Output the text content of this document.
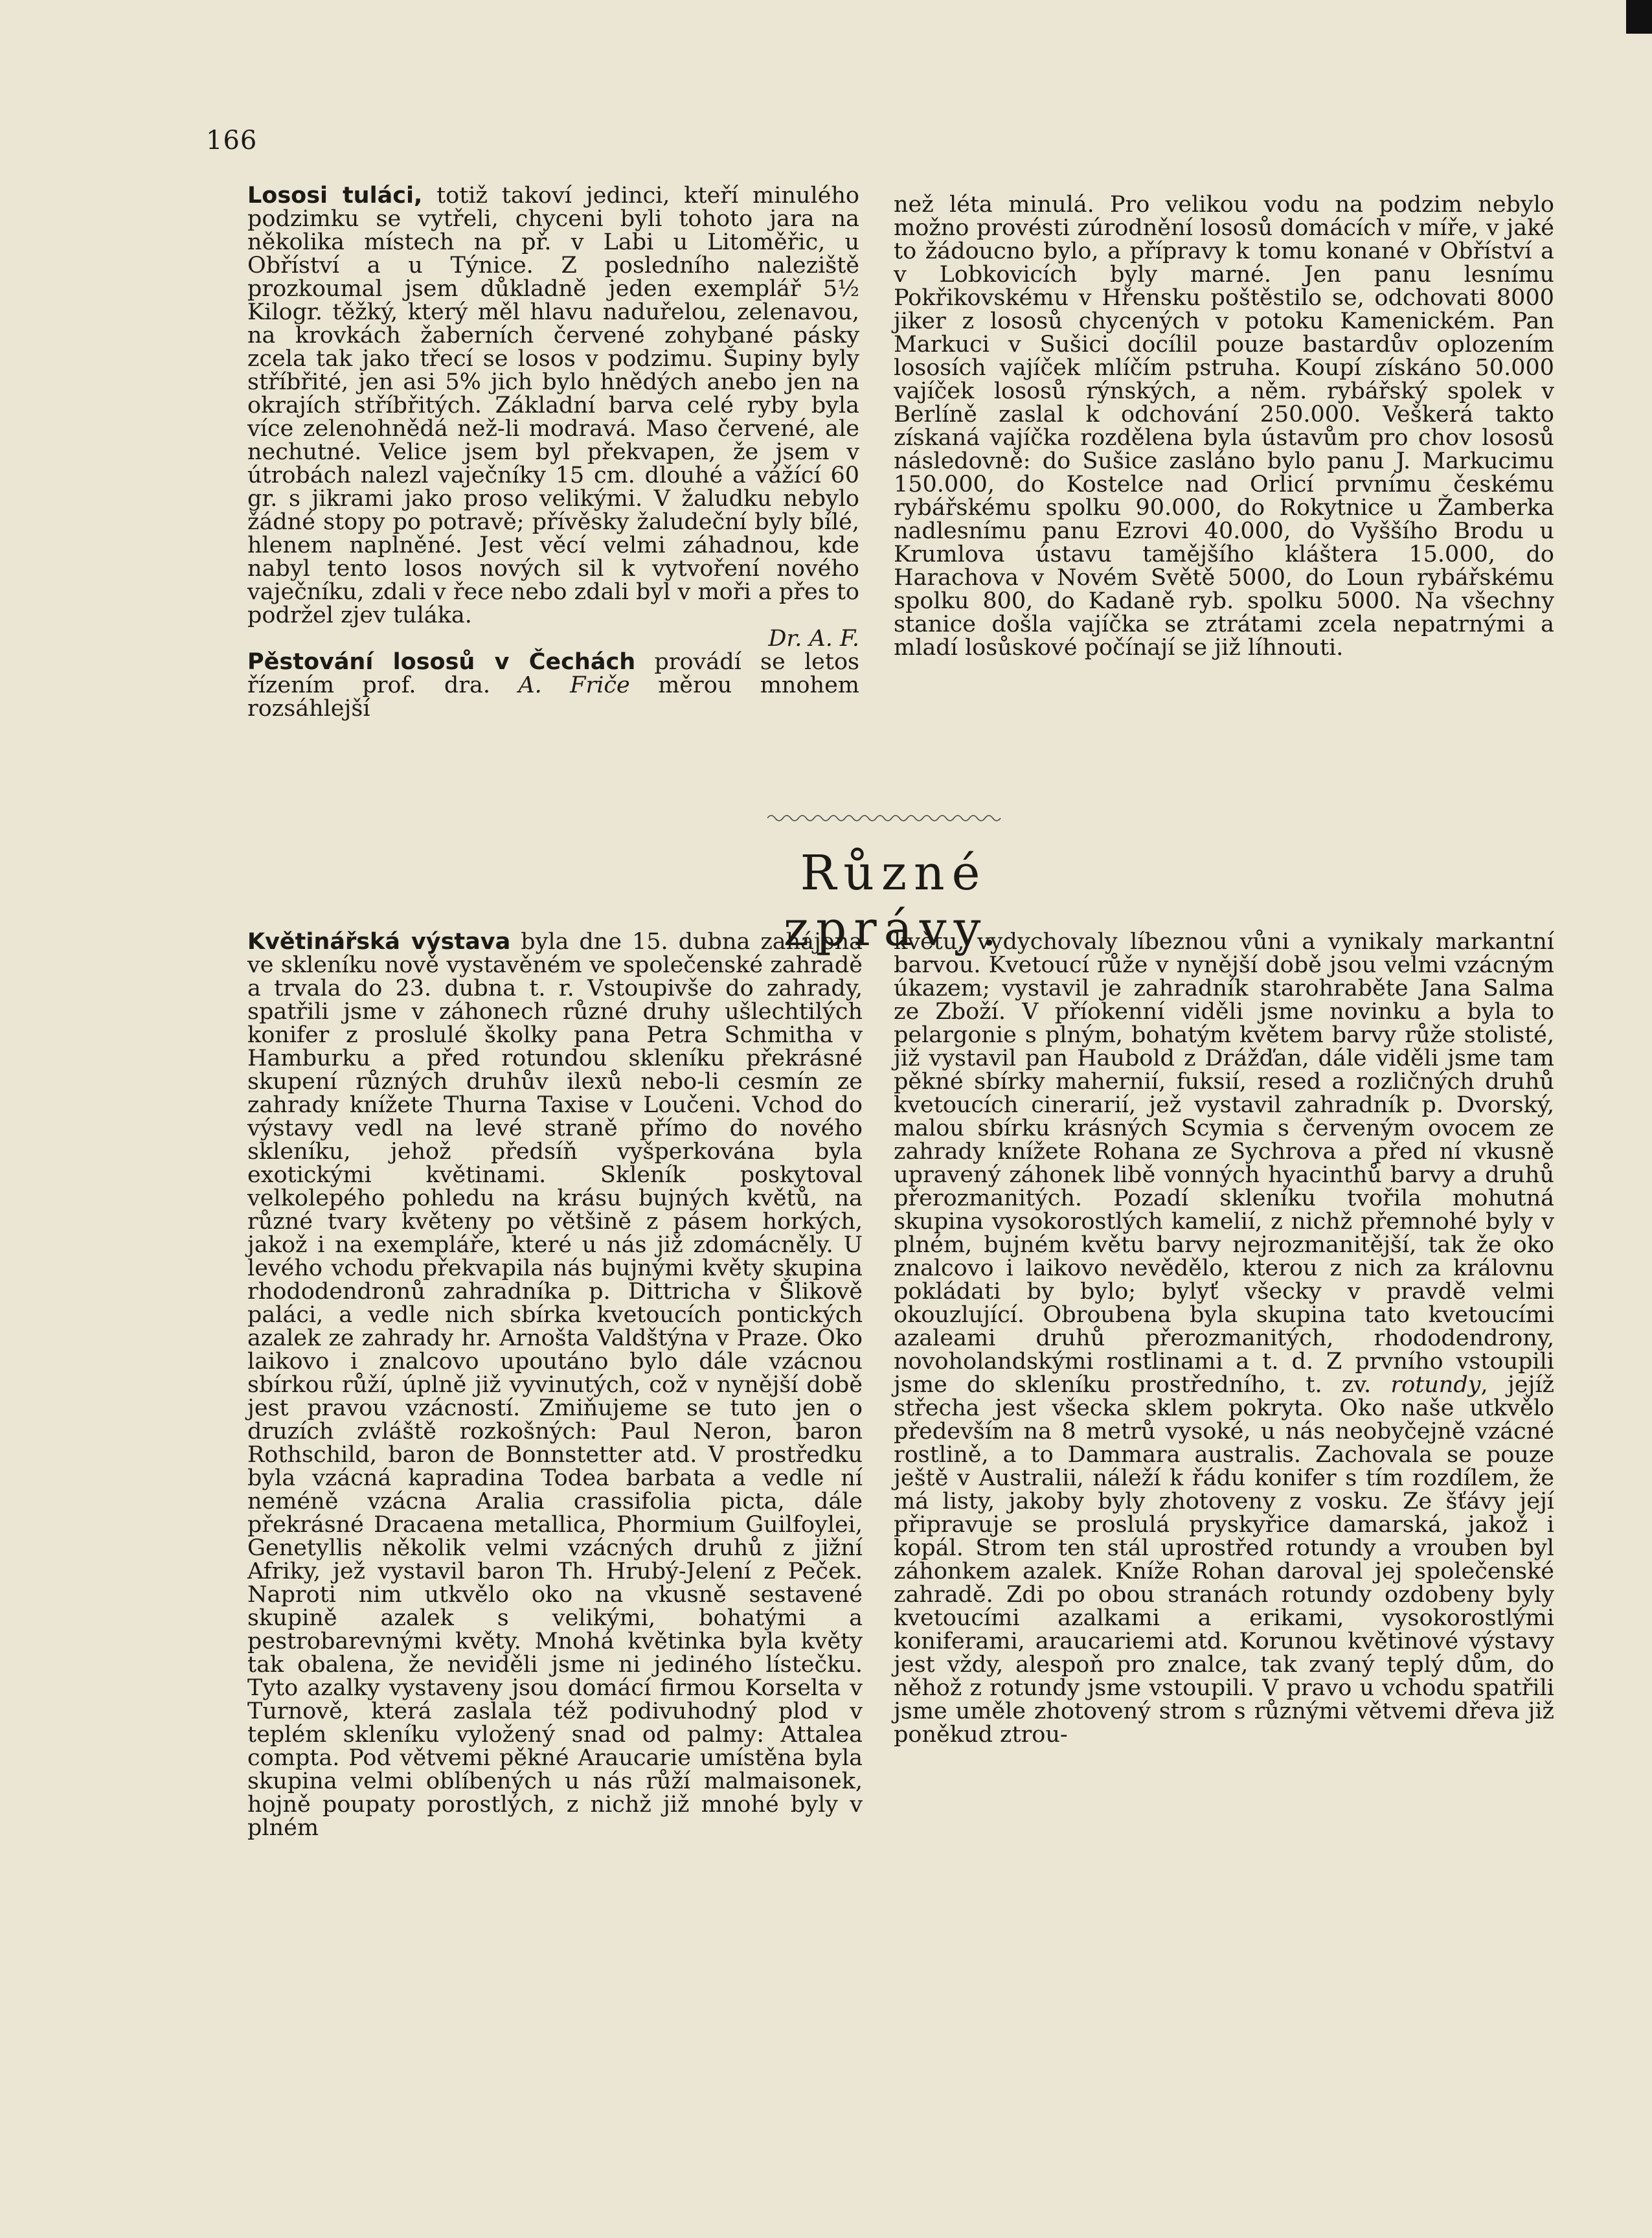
166

Lososi tuláci, totiž takoví jedinci, kteří minulého podzimku se vytřeli, chyceni byli tohoto jara na několika místech na př. v Labi u Litoměřic, u Obříství a u Týnice. Z posledního naleziště prozkoumal jsem důkladně jeden exemplář 5½ Kilogr. těžký, který měl hlavu naduřelou, zelenavou, na krovkách žaberních červené zohybané pásky zcela tak jako třecí se losos v podzimu. Šupiny byly stříbřité, jen asi 5% jich bylo hnědých anebo jen na okrajích stříbřitých. Základní barva celé ryby byla více zelenohnědá než-li modravá. Maso červené, ale nechutné. Velice jsem byl překvapen, že jsem v útrobách nalezl vaječníky 15 cm. dlouhé a vážící 60 gr. s jikrami jako proso velikými. V žaludku nebylo žádné stopy po potravě; přívěsky žaludeční byly bílé, hlenem naplněné. Jest věcí velmi záhadnou, kde nabyl tento losos nových sil k vytvoření nového vaječníku, zdali v řece nebo zdali byl v moři a přes to podržel zjev tuláka.

Dr. A. F.

Pěstování lososů v Čechách provádí se letos řízením prof. dra. A. Friče měrou mnohem rozsáhlejší

než léta minulá. Pro velikou vodu na podzim nebylo možno provésti zúrodnění lososů domácích v míře, v jaké to žádoucno bylo, a přípravy k tomu konané v Obříství a v Lobkovicích byly marné. Jen panu lesnímu Pokřikovskému v Hřensku poštěstilo se, odchovati 8000 jiker z lososů chycených v potoku Kamenickém. Pan Markuci v Sušici docílil pouze bastardův oplozením lososích vajíček mlíčím pstruha. Koupí získáno 50.000 vajíček lososů rýnských, a něm. rybářský spolek v Berlíně zaslal k odchování 250.000. Veškerá takto získaná vajíčka rozdělena byla ústavům pro chov lososů následovně: do Sušice zasláno bylo panu J. Markucimu 150.000, do Kostelce nad Orlicí prvnímu českému rybářskému spolku 90.000, do Rokytnice u Žamberka nadlesnímu panu Ezrovi 40.000, do Vyššího Brodu u Krumlova ústavu tamějšího kláštera 15.000, do Harachova v Novém Světě 5000, do Loun rybářskému spolku 800, do Kadaně ryb. spolku 5000. Na všechny stanice došla vajíčka se ztrátami zcela nepatrnými a mladí losůskové počínají se již líhnouti.

Různé zprávy.

Květinářská výstava byla dne 15. dubna zahájena ve skleníku nově vystavěném ve společenské zahradě a trvala do 23. dubna t. r. Vstoupivše do zahrady, spatřili jsme v záhonech různé druhy ušlechtilých konifer z proslulé školky pana Petra Schmitha v Hamburku a před rotundou skleníku překrásné skupení různých druhův ilexů nebo-li cesmín ze zahrady knížete Thurna Taxise v Loučeni. Vchod do výstavy vedl na levé straně přímo do nového skleníku, jehož předsíň vyšperkována byla exotickými květinami. Skleník poskytoval velkolepého pohledu na krásu bujných květů, na různé tvary květeny po většině z pásem horkých, jakož i na exempláře, které u nás již zdomácněly. U levého vchodu překvapila nás bujnými květy skupina rhododendronů zahradníka p. Dittricha v Šlikově paláci, a vedle nich sbírka kvetoucích pontických azalek ze zahrady hr. Arnošta Valdštýna v Praze. Oko laikovo i znalcovo upoutáno bylo dále vzácnou sbírkou růží, úplně již vyvinutých, což v nynější době jest pravou vzácností. Zmiňujeme se tuto jen o druzích zvláště rozkošných: Paul Neron, baron Rothschild, baron de Bonnstetter atd. V prostředku byla vzácná kapradina Todea barbata a vedle ní neméně vzácna Aralia crassifolia picta, dále překrásné Dracaena metallica, Phormium Guilfoylei, Genetyllis několik velmi vzácných druhů z jižní Afriky, jež vystavil baron Th. Hrubý-Jelení z Peček. Naproti nim utkvělo oko na vkusně sestavené skupině azalek s velikými, bohatými a pestrobarevnými květy. Mnohá květinka byla květy tak obalena, že neviděli jsme ni jediného lístečku. Tyto azalky vystaveny jsou domácí firmou Korselta v Turnově, která zaslala též podivuhodný plod v teplém skleníku vyložený snad od palmy: Attalea compta. Pod větvemi pěkné Araucarie umístěna byla skupina velmi oblíbených u nás růží malmaisonek, hojně poupaty porostlých, z nichž již mnohé byly v plném

květu, vydychovaly líbeznou vůni a vynikaly markantní barvou. Kvetoucí růže v nynější době jsou velmi vzácným úkazem; vystavil je zahradník starohraběte Jana Salma ze Zboží. V příokenní viděli jsme novinku a byla to pelargonie s plným, bohatým květem barvy růže stolisté, již vystavil pan Haubold z Drážďan, dále viděli jsme tam pěkné sbírky mahernií, fuksií, resed a rozličných druhů kvetoucích cinerarií, jež vystavil zahradník p. Dvorský, malou sbírku krásných Scymia s červeným ovocem ze zahrady knížete Rohana ze Sychrova a před ní vkusně upravený záhonek libě vonných hyacinthů barvy a druhů přerozmanitých. Pozadí skleníku tvořila mohutná skupina vysokorostlých kamelií, z nichž přemnohé byly v plném, bujném květu barvy nejrozmanitější, tak že oko znalcovo i laikovo nevědělo, kterou z nich za královnu pokládati by bylo; bylyť všecky v pravdě velmi okouzlující. Obroubena byla skupina tato kvetoucími azaleami druhů přerozmanitých, rhododendrony, novoholandskými rostlinami a t. d. Z prvního vstoupili jsme do skleníku prostředního, t. zv. rotundy, jejíž střecha jest všecka sklem pokryta. Oko naše utkvělo především na 8 metrů vysoké, u nás neobyčejně vzácné rostlině, a to Dammara australis. Zachovala se pouze ještě v Australii, náleží k řádu konifer s tím rozdílem, že má listy, jakoby byly zhotoveny z vosku. Ze šťávy její připravuje se proslulá pryskyřice damarská, jakož i kopál. Strom ten stál uprostřed rotundy a vrouben byl záhonkem azalek. Kníže Rohan daroval jej společenské zahradě. Zdi po obou stranách rotundy ozdobeny byly kvetoucími azalkami a erikami, vysokorostlými koniferami, araucariemi atd. Korunou květinové výstavy jest vždy, alespoň pro znalce, tak zvaný teplý dům, do něhož z rotundy jsme vstoupili. V pravo u vchodu spatřili jsme uměle zhotovený strom s různými větvemi dřeva již poněkud ztrou-
